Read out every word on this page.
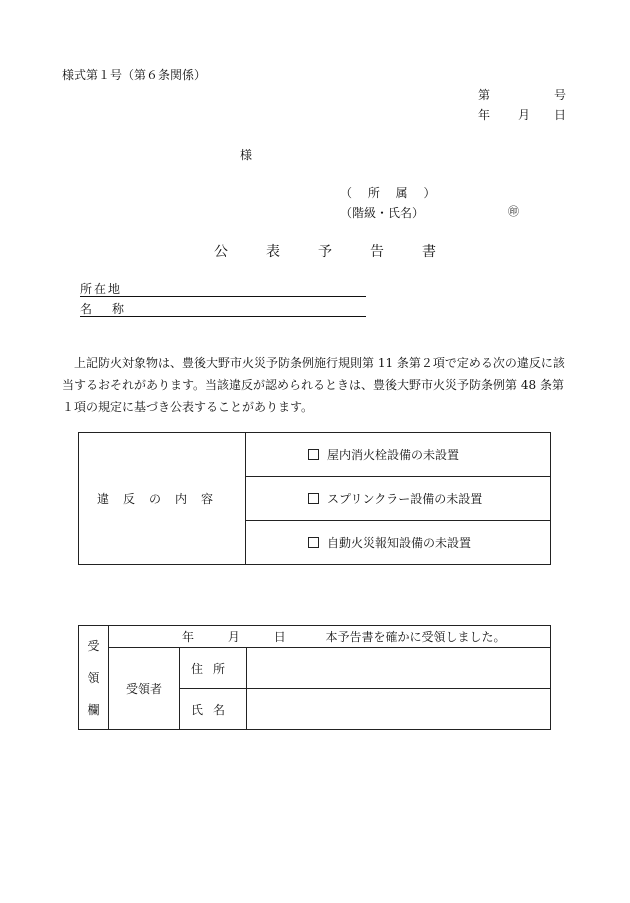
様式第１号（第６条関係）
第	号
年 月 日
様
（ 所 属 ）
（階級・氏名）	㊞
公表予告書
所在地
名称
上記防火対象物は、豊後大野市火災予防条例施行規則第 11 条第２項で定める次の違反に該当するおそれがあります。当該違反が認められるときは、豊後大野市火災予防条例第 48 条第１項の規定に基づき公表することがあります。
違反の内容	屋内消火栓設備の未設置
スプリンクラー設備の未設置
自動火災報知設備の未設置
受
領
欄	年 月 日 本予告書を確かに受領しました。		
	受領者	住所	
		氏名	
